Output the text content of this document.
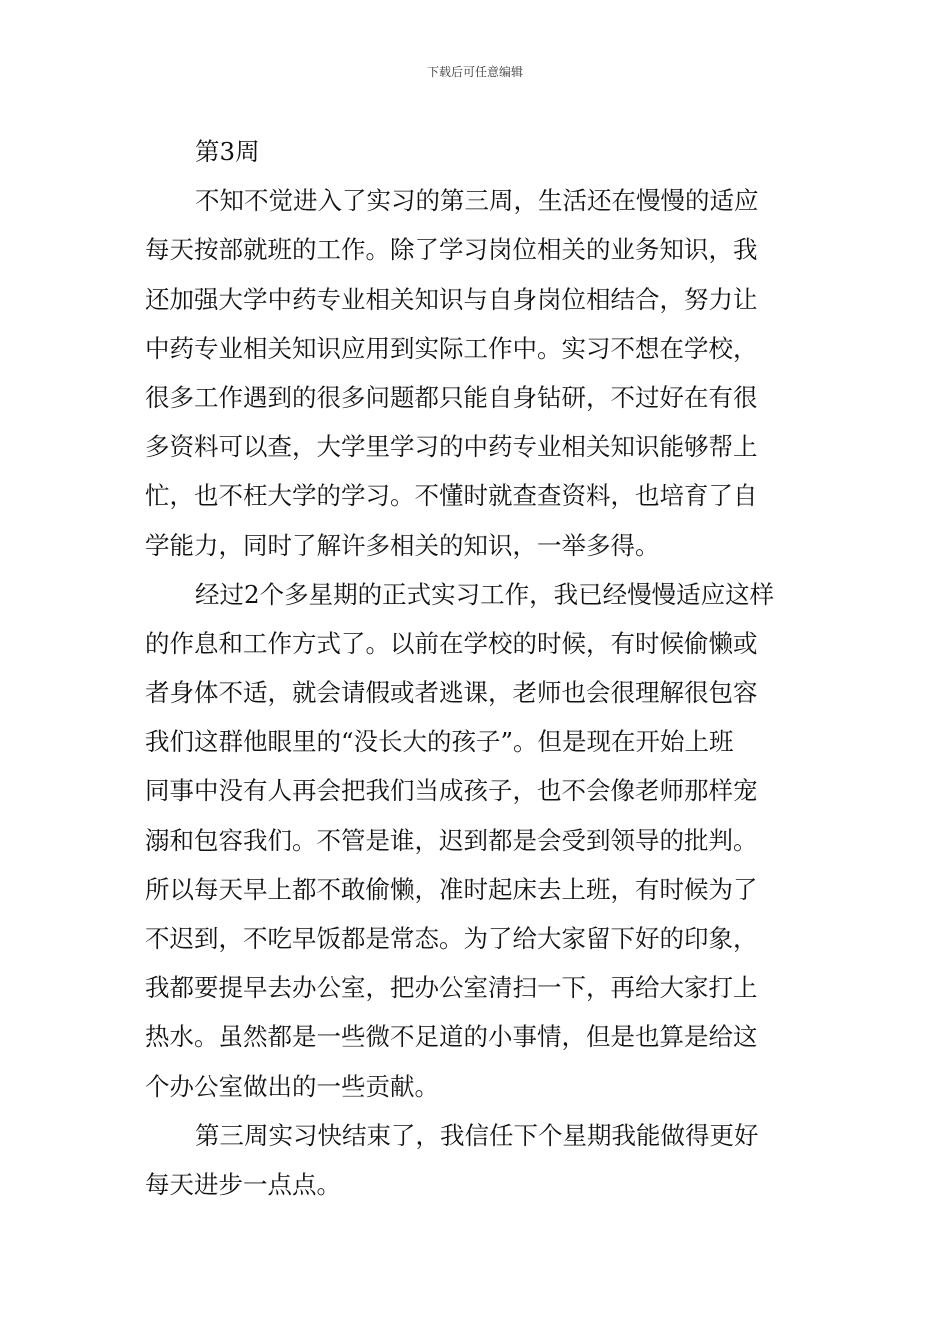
下载后可任意编辑
第3周
不知不觉进入了实习的第三周，生活还在慢慢的适应
每天按部就班的工作。除了学习岗位相关的业务知识，我
还加强大学中药专业相关知识与自身岗位相结合，努力让
中药专业相关知识应用到实际工作中。实习不想在学校，
很多工作遇到的很多问题都只能自身钻研，不过好在有很
多资料可以查，大学里学习的中药专业相关知识能够帮上
忙，也不枉大学的学习。不懂时就查查资料，也培育了自
学能力，同时了解许多相关的知识，一举多得。
经过2个多星期的正式实习工作，我已经慢慢适应这样
的作息和工作方式了。以前在学校的时候，有时候偷懒或
者身体不适，就会请假或者逃课，老师也会很理解很包容
我们这群他眼里的“没长大的孩子”。但是现在开始上班
同事中没有人再会把我们当成孩子，也不会像老师那样宠
溺和包容我们。不管是谁，迟到都是会受到领导的批判。
所以每天早上都不敢偷懒，准时起床去上班，有时候为了
不迟到，不吃早饭都是常态。为了给大家留下好的印象，
我都要提早去办公室，把办公室清扫一下，再给大家打上
热水。虽然都是一些微不足道的小事情，但是也算是给这
个办公室做出的一些贡献。
第三周实习快结束了，我信任下个星期我能做得更好
每天进步一点点。
